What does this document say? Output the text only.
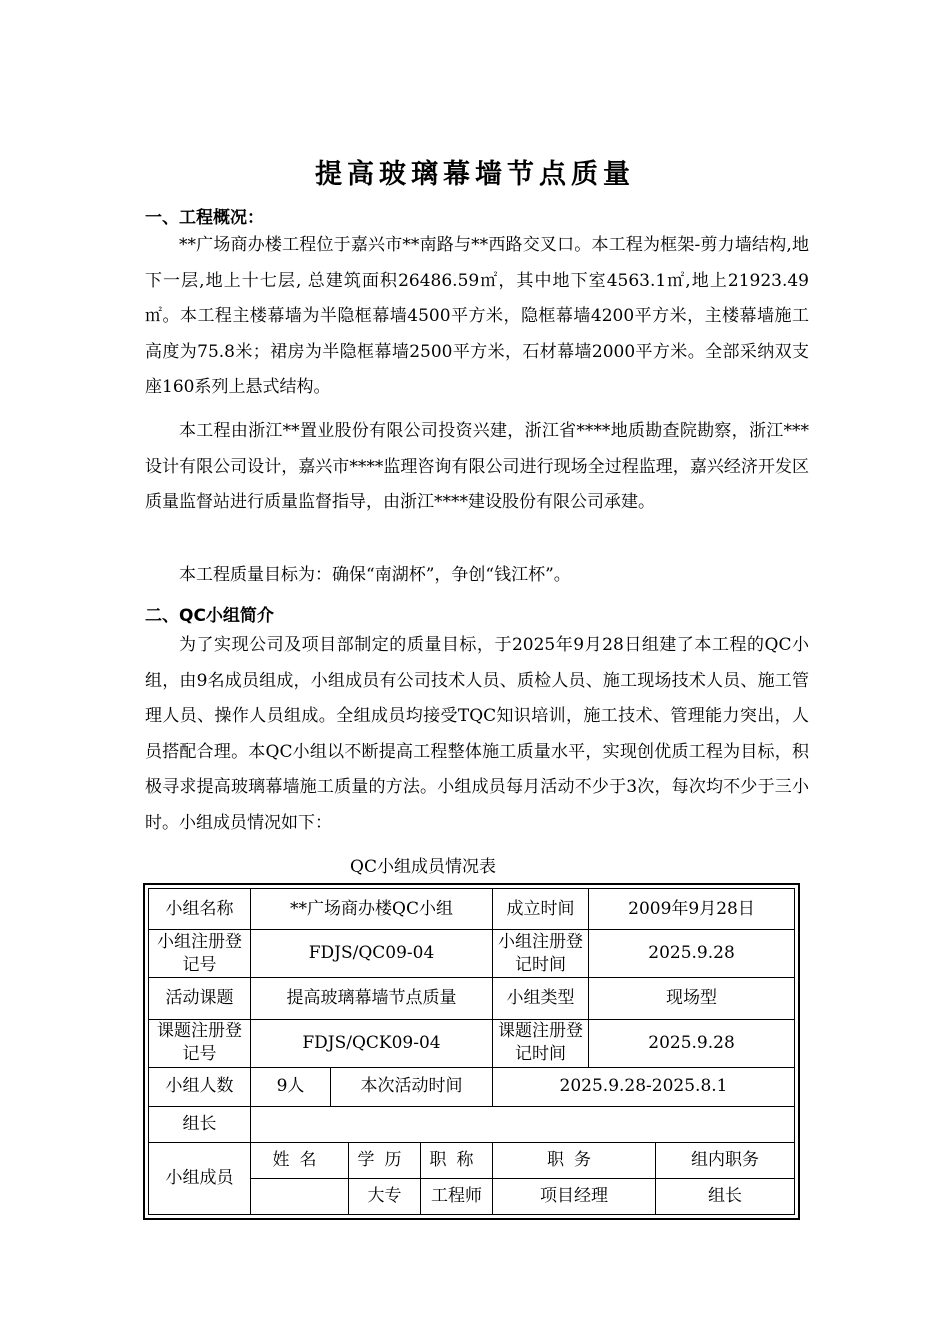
提高玻璃幕墙节点质量
一、工程概况：

**广场商办楼工程位于嘉兴市**南路与**西路交叉口。本工程为框架-剪力墙结构,地下一层,地上十七层, 总建筑面积26486.59㎡，其中地下室4563.1㎡,地上21923.49㎡。本工程主楼幕墙为半隐框幕墙4500平方米，隐框幕墙4200平方米，主楼幕墙施工高度为75.8米；裙房为半隐框幕墙2500平方米，石材幕墙2000平方米。全部采纳双支座160系列上悬式结构。

本工程由浙江**置业股份有限公司投资兴建，浙江省****地质勘查院勘察，浙江***设计有限公司设计，嘉兴市****监理咨询有限公司进行现场全过程监理，嘉兴经济开发区质量监督站进行质量监督指导，由浙江****建设股份有限公司承建。

本工程质量目标为：确保“南湖杯”，争创“钱江杯”。

二、QC小组简介

为了实现公司及项目部制定的质量目标，于2025年9月28日组建了本工程的QC小组，由9名成员组成，小组成员有公司技术人员、质检人员、施工现场技术人员、施工管理人员、操作人员组成。全组成员均接受TQC知识培训，施工技术、管理能力突出，人员搭配合理。本QC小组以不断提高工程整体施工质量水平，实现创优质工程为目标，积极寻求提高玻璃幕墙施工质量的方法。小组成员每月活动不少于3次，每次均不少于三小时。小组成员情况如下：

QC小组成员情况表
小组名称	**广场商办楼QC小组				成立时间	2009年9月28日	
小组注册登记号	FDJS/QC09-04				小组注册登记时间	2025.9.28	
活动课题	提高玻璃幕墙节点质量				小组类型	现场型	
课题注册登记号	FDJS/QCK09-04				课题注册登记时间	2025.9.28	
小组人数	9人	本次活动时间			2025.9.28-2025.8.1		
组长							
小组成员	姓名		学历	职称	职务		组内职务
			大专	工程师	项目经理		组长
